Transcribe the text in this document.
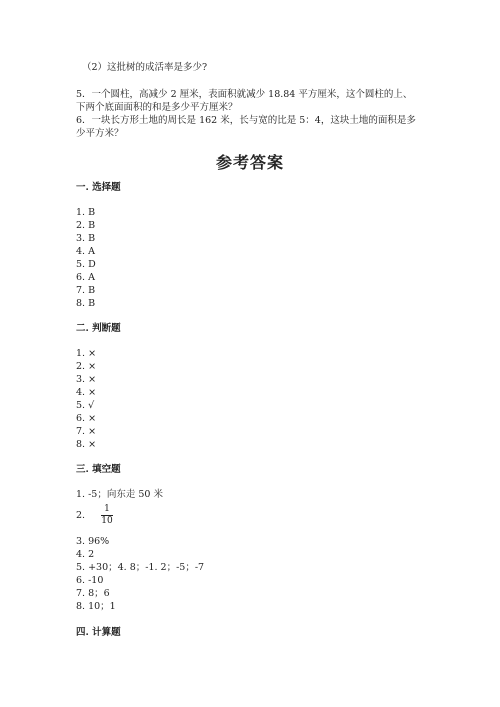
（2）这批树的成活率是多少?
5．一个圆柱，高减少 2 厘米，表面积就减少 18.84 平方厘米，这个圆柱的上、
下两个底面面积的和是多少平方厘米？
6．一块长方形土地的周长是 162 米，长与宽的比是 5：4，这块土地的面积是多
少平方米？
参考答案
一. 选择题
1. B
2. B
3. B
4. A
5. D
6. A
7. B
8. B
二. 判断题
1. ×
2. ×
3. ×
4. ×
5. √
6. ×
7. ×
8. ×
三. 填空题
1. -5；向东走 50 米
2.
1
10
3. 96%
4. 2
5. +30；4. 8；-1. 2；-5；-7
6. -10
7. 8；6
8. 10；1
四. 计算题
